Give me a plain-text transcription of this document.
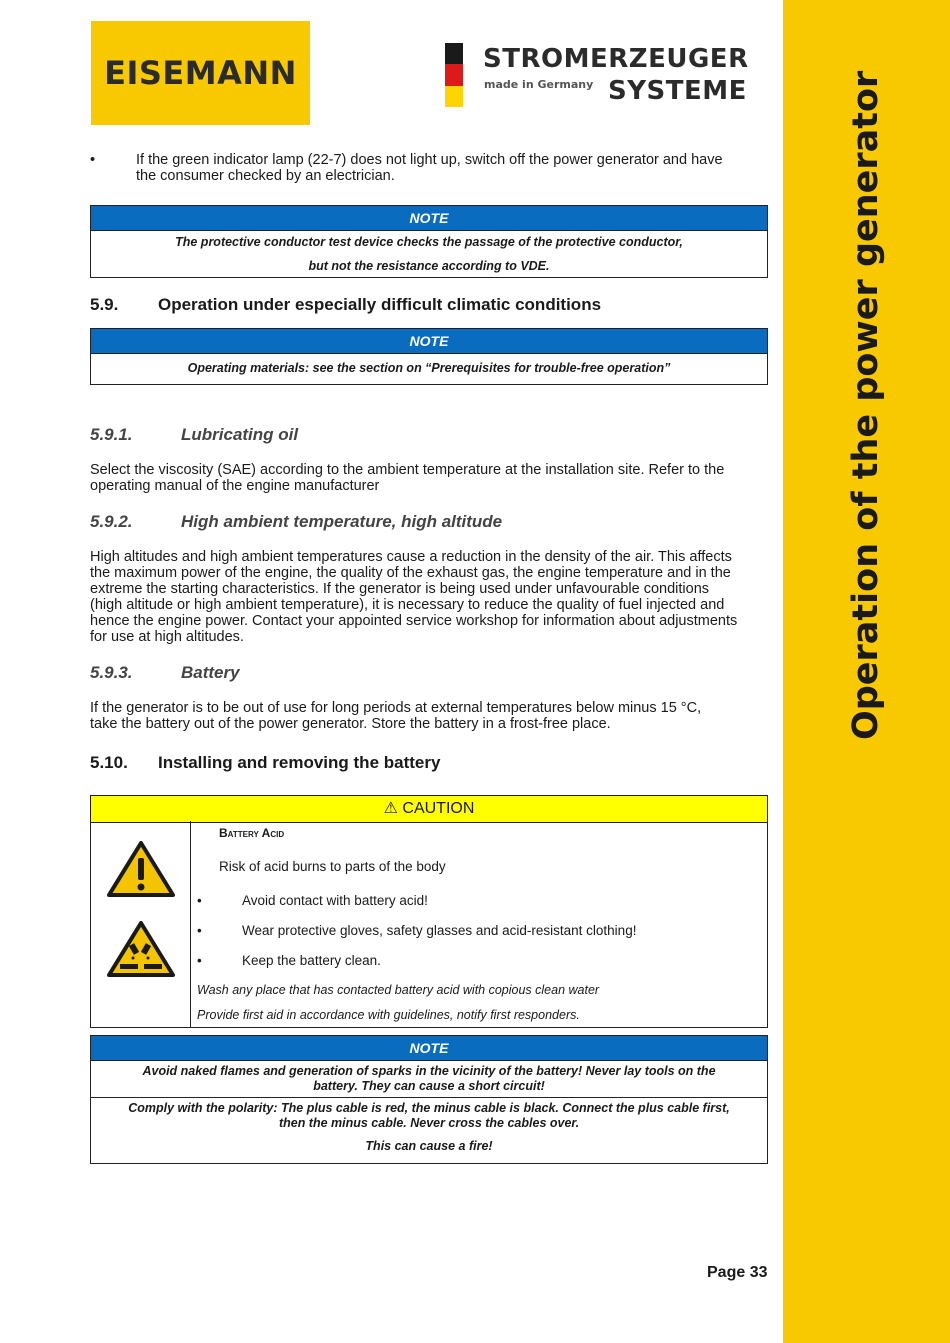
Operation of the power generator
EISEMANN	STROMERZEUGER
made in Germany SYSTEME
•	If the green indicator lamp (22-7) does not light up, switch off the power generator and have
the consumer checked by an electrician.
NOTE
The protective conductor test device checks the passage of the protective conductor,
but not the resistance according to VDE.
5.9. Operation under especially difficult climatic conditions
NOTE
Operating materials: see the section on “Prerequisites for trouble-free operation”
5.9.1.	Lubricating oil
Select the viscosity (SAE) according to the ambient temperature at the installation site. Refer to the
operating manual of the engine manufacturer
5.9.2.	High ambient temperature, high altitude
High altitudes and high ambient temperatures cause a reduction in the density of the air. This affects
the maximum power of the engine, the quality of the exhaust gas, the engine temperature and in the
extreme the starting characteristics. If the generator is being used under unfavourable conditions
(high altitude or high ambient temperature), it is necessary to reduce the quality of fuel injected and
hence the engine power. Contact your appointed service workshop for information about adjustments
for use at high altitudes.
5.9.3.	Battery
If the generator is to be out of use for long periods at external temperatures below minus 15 °C,
take the battery out of the power generator. Store the battery in a frost-free place.
5.10. Installing and removing the battery
⚠ CAUTION
Battery Acid
Risk of acid burns to parts of the body
•	Avoid contact with battery acid!
•	Wear protective gloves, safety glasses and acid-resistant clothing!
•	Keep the battery clean.
Wash any place that has contacted battery acid with copious clean water
Provide first aid in accordance with guidelines, notify first responders.
NOTE
Avoid naked flames and generation of sparks in the vicinity of the battery! Never lay tools on the
battery. They can cause a short circuit!
Comply with the polarity: The plus cable is red, the minus cable is black. Connect the plus cable first,
then the minus cable. Never cross the cables over.
This can cause a fire!
Page 33
